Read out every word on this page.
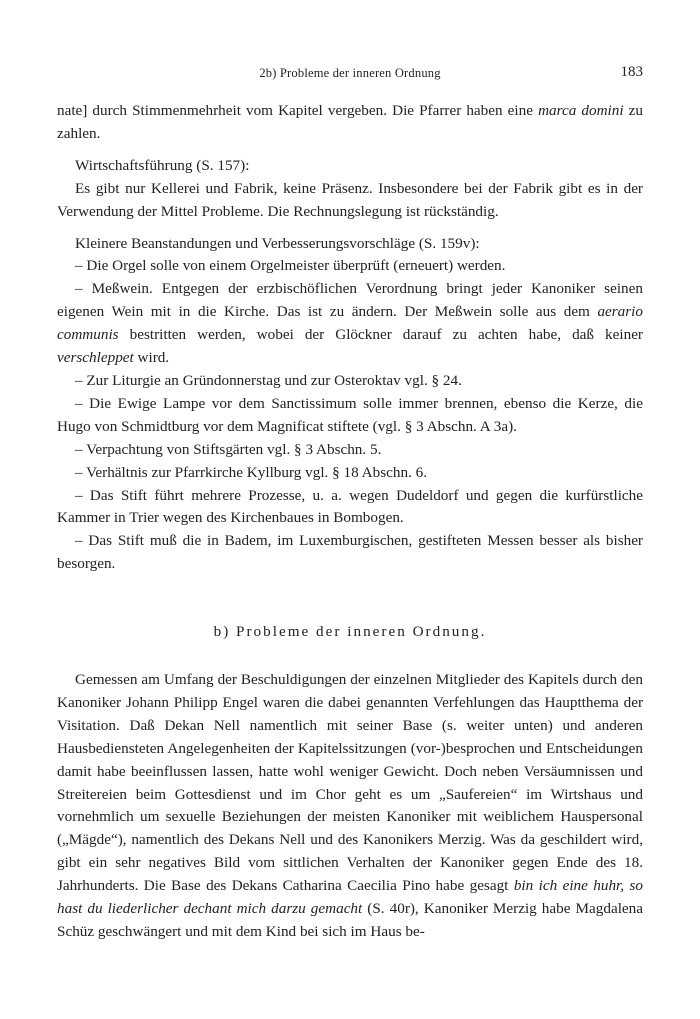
2b) Probleme der inneren Ordnung	183

nate] durch Stimmenmehrheit vom Kapitel vergeben. Die Pfarrer haben eine marca domini zu zahlen.

Wirtschaftsführung (S. 157):

Es gibt nur Kellerei und Fabrik, keine Präsenz. Insbesondere bei der Fabrik gibt es in der Verwendung der Mittel Probleme. Die Rechnungslegung ist rückständig.

Kleinere Beanstandungen und Verbesserungsvorschläge (S. 159v):

– Die Orgel solle von einem Orgelmeister überprüft (erneuert) werden.

– Meßwein. Entgegen der erzbischöflichen Verordnung bringt jeder Kanoniker seinen eigenen Wein mit in die Kirche. Das ist zu ändern. Der Meßwein solle aus dem aerario communis bestritten werden, wobei der Glöckner darauf zu achten habe, daß keiner verschleppet wird.

– Zur Liturgie an Gründonnerstag und zur Osteroktav vgl. § 24.

– Die Ewige Lampe vor dem Sanctissimum solle immer brennen, ebenso die Kerze, die Hugo von Schmidtburg vor dem Magnificat stiftete (vgl. § 3 Abschn. A 3a).

– Verpachtung von Stiftsgärten vgl. § 3 Abschn. 5.

– Verhältnis zur Pfarrkirche Kyllburg vgl. § 18 Abschn. 6.

– Das Stift führt mehrere Prozesse, u. a. wegen Dudeldorf und gegen die kurfürstliche Kammer in Trier wegen des Kirchenbaues in Bombogen.

– Das Stift muß die in Badem, im Luxemburgischen, gestifteten Messen besser als bisher besorgen.

b) Probleme der inneren Ordnung.

Gemessen am Umfang der Beschuldigungen der einzelnen Mitglieder des Kapitels durch den Kanoniker Johann Philipp Engel waren die dabei genannten Verfehlungen das Hauptthema der Visitation. Daß Dekan Nell namentlich mit seiner Base (s. weiter unten) und anderen Hausbediensteten Angelegenheiten der Kapitelssitzungen (vor-)besprochen und Entscheidungen damit habe beeinflussen lassen, hatte wohl weniger Gewicht. Doch neben Versäumnissen und Streitereien beim Gottesdienst und im Chor geht es um „Saufereien“ im Wirtshaus und vornehmlich um sexuelle Beziehungen der meisten Kanoniker mit weiblichem Hauspersonal („Mägde“), namentlich des Dekans Nell und des Kanonikers Merzig. Was da geschildert wird, gibt ein sehr negatives Bild vom sittlichen Verhalten der Kanoniker gegen Ende des 18. Jahrhunderts. Die Base des Dekans Catharina Caecilia Pino habe gesagt bin ich eine huhr, so hast du liederlicher dechant mich darzu gemacht (S. 40r), Kanoniker Merzig habe Magdalena Schüz geschwängert und mit dem Kind bei sich im Haus be-
